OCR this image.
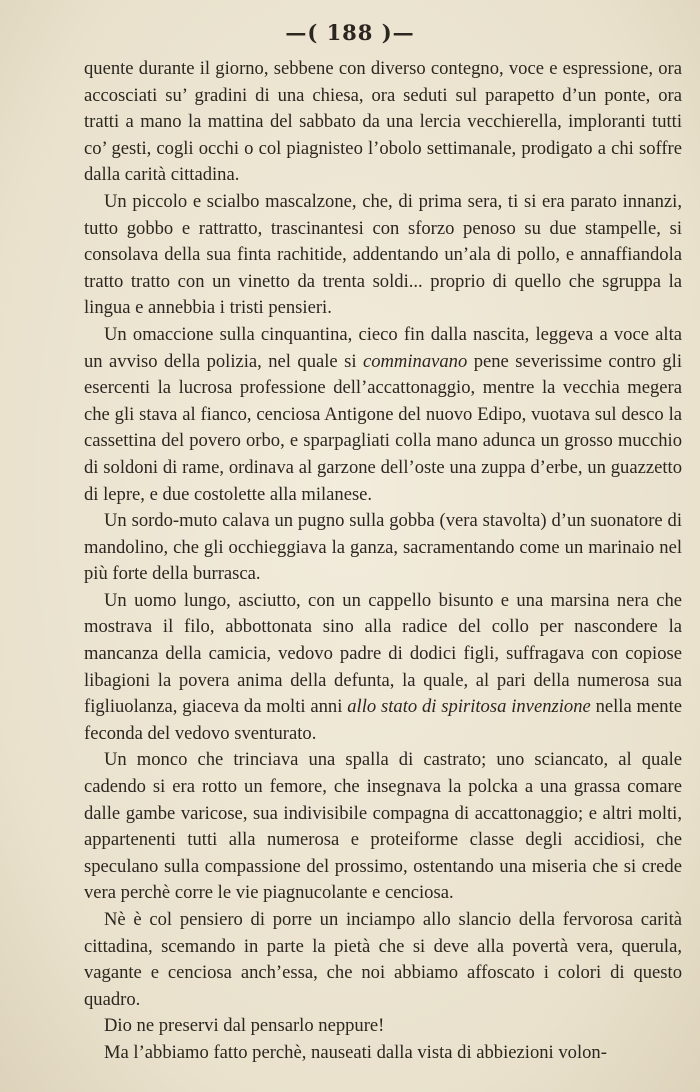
—( 188 )—

quente durante il giorno, sebbene con diverso contegno, voce e espressione, ora accosciati su’ gradini di una chiesa, ora seduti sul parapetto d’un ponte, ora tratti a mano la mattina del sabbato da una lercia vecchierella, imploranti tutti co’ gesti, cogli occhi o col piagnisteo l’obolo settimanale, prodigato a chi soffre dalla carità cittadina.

Un piccolo e scialbo mascalzone, che, di prima sera, ti si era parato innanzi, tutto gobbo e rattratto, trascinantesi con sforzo penoso su due stampelle, si consolava della sua finta rachitide, addentando un’ala di pollo, e annaffiandola tratto tratto con un vinetto da trenta soldi... proprio di quello che sgruppa la lingua e annebbia i tristi pensieri.

Un omaccione sulla cinquantina, cieco fin dalla nascita, leggeva a voce alta un avviso della polizia, nel quale si comminavano pene severissime contro gli esercenti la lucrosa professione dell’accattonaggio, mentre la vecchia megera che gli stava al fianco, cenciosa Antigone del nuovo Edipo, vuotava sul desco la cassettina del povero orbo, e sparpagliati colla mano adunca un grosso mucchio di soldoni di rame, ordinava al garzone dell’oste una zuppa d’erbe, un guazzetto di lepre, e due costolette alla milanese.

Un sordo-muto calava un pugno sulla gobba (vera stavolta) d’un suonatore di mandolino, che gli occhieggiava la ganza, sacramentando come un marinaio nel più forte della burrasca.

Un uomo lungo, asciutto, con un cappello bisunto e una marsina nera che mostrava il filo, abbottonata sino alla radice del collo per nascondere la mancanza della camicia, vedovo padre di dodici figli, suffragava con copiose libagioni la povera anima della defunta, la quale, al pari della numerosa sua figliuolanza, giaceva da molti anni allo stato di spiritosa invenzione nella mente feconda del vedovo sventurato.

Un monco che trinciava una spalla di castrato; uno sciancato, al quale cadendo si era rotto un femore, che insegnava la polcka a una grassa comare dalle gambe varicose, sua indivisibile compagna di accattonaggio; e altri molti, appartenenti tutti alla numerosa e proteiforme classe degli accidiosi, che speculano sulla compassione del prossimo, ostentando una miseria che si crede vera perchè corre le vie piagnucolante e cenciosa.

Nè è col pensiero di porre un inciampo allo slancio della fervorosa carità cittadina, scemando in parte la pietà che si deve alla povertà vera, querula, vagante e cenciosa anch’essa, che noi abbiamo affoscato i colori di questo quadro.

Dio ne preservi dal pensarlo neppure!

Ma l’abbiamo fatto perchè, nauseati dalla vista di abbiezioni volon-
